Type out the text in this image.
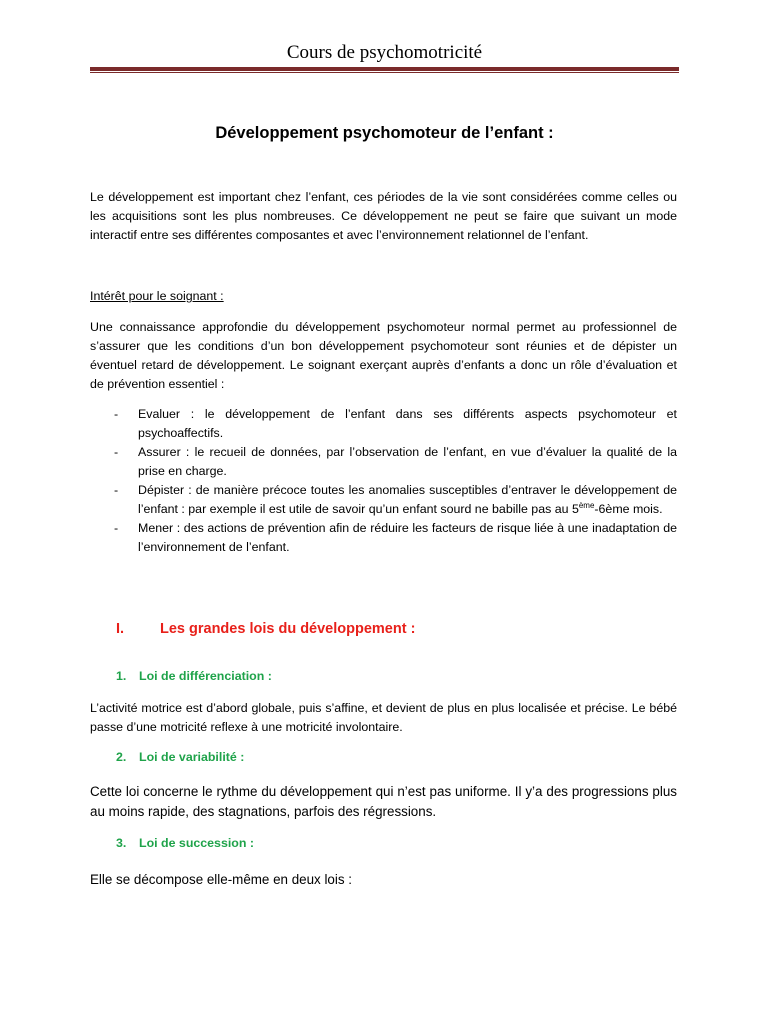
Cours de psychomotricité
Développement psychomoteur de l’enfant :

Le développement est important chez l’enfant, ces périodes de la vie sont considérées comme celles ou les acquisitions sont les plus nombreuses. Ce développement ne peut se faire que suivant un mode interactif entre ses différentes composantes et avec l’environnement relationnel de l’enfant.

Intérêt pour le soignant :

Une connaissance approfondie du développement psychomoteur normal permet au professionnel de s’assurer que les conditions d’un bon développement psychomoteur sont réunies et de dépister un éventuel retard de développement. Le soignant exerçant auprès d’enfants a donc un rôle d’évaluation et de prévention essentiel :

- Evaluer : le développement de l’enfant dans ses différents aspects psychomoteur et psychoaffectifs.
- Assurer : le recueil de données, par l’observation de l’enfant, en vue d’évaluer la qualité de la prise en charge.
- Dépister : de manière précoce toutes les anomalies susceptibles d’entraver le développement de l’enfant : par exemple il est utile de savoir qu’un enfant sourd ne babille pas au 5ème-6ème mois.
- Mener : des actions de prévention afin de réduire les facteurs de risque liée à une inadaptation de l’environnement de l’enfant.
I. Les grandes lois du développement :
1. Loi de différenciation :

L’activité motrice est d’abord globale, puis s’affine, et devient de plus en plus localisée et précise. Le bébé passe d’une motricité reflexe à une motricité involontaire.

2. Loi de variabilité :

Cette loi concerne le rythme du développement qui n’est pas uniforme. Il y’a des progressions plus au moins rapide, des stagnations, parfois des régressions.

3. Loi de succession :

Elle se décompose elle-même en deux lois :
